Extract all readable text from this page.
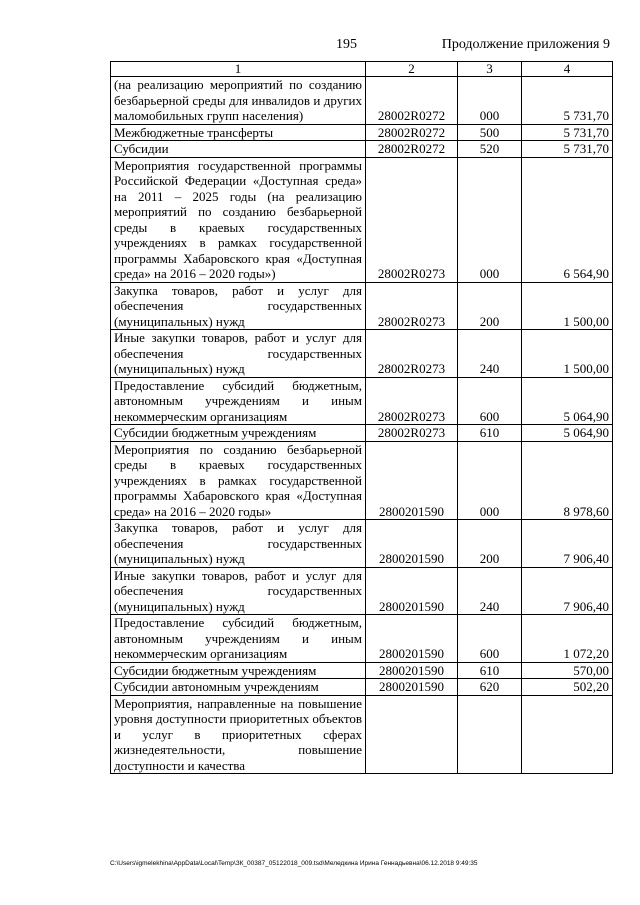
195	Продолжение приложения 9
1	2	3	4

(на реализацию мероприятий по созданию безбарьерной среды для инвалидов и других маломобильных групп населения)	28002R0272	000	5 731,70

Межбюджетные трансферты	28002R0272	500	5 731,70

Субсидии	28002R0272	520	5 731,70

Мероприятия государственной программы Российской Федерации «Доступная среда» на 2011 – 2025 годы (на реализацию мероприятий по созданию безбарьерной среды в краевых государственных учреждениях в рамках государственной программы Хабаровского края «Доступная среда» на 2016 – 2020 годы»)	28002R0273	000	6 564,90

Закупка товаров, работ и услуг для обеспечения государственных (муниципальных) нужд	28002R0273	200	1 500,00

Иные закупки товаров, работ и услуг для обеспечения государственных (муниципальных) нужд	28002R0273	240	1 500,00

Предоставление субсидий бюджетным, автономным учреждениям и иным некоммерческим организациям	28002R0273	600	5 064,90

Субсидии бюджетным учреждениям	28002R0273	610	5 064,90

Мероприятия по созданию безбарьерной среды в краевых государственных учреждениях в рамках государственной программы Хабаровского края «Доступная среда» на 2016 – 2020 годы»	2800201590	000	8 978,60

Закупка товаров, работ и услуг для обеспечения государственных (муниципальных) нужд	2800201590	200	7 906,40

Иные закупки товаров, работ и услуг для обеспечения государственных (муниципальных) нужд	2800201590	240	7 906,40

Предоставление субсидий бюджетным, автономным учреждениям и иным некоммерческим организациям	2800201590	600	1 072,20

Субсидии бюджетным учреждениям	2800201590	610	570,00

Субсидии автономным учреждениям	2800201590	620	502,20

Мероприятия, направленные на повышение уровня доступности приоритетных объектов и услуг в приоритетных сферах жизнедеятельности, повышение доступности и качества			

C:\Users\igmelekhina\AppData\Local\Temp\ЗК_00387_05122018_009.tsd\Меледкина Ирина Геннадьевна\06.12.2018 9:49:35
